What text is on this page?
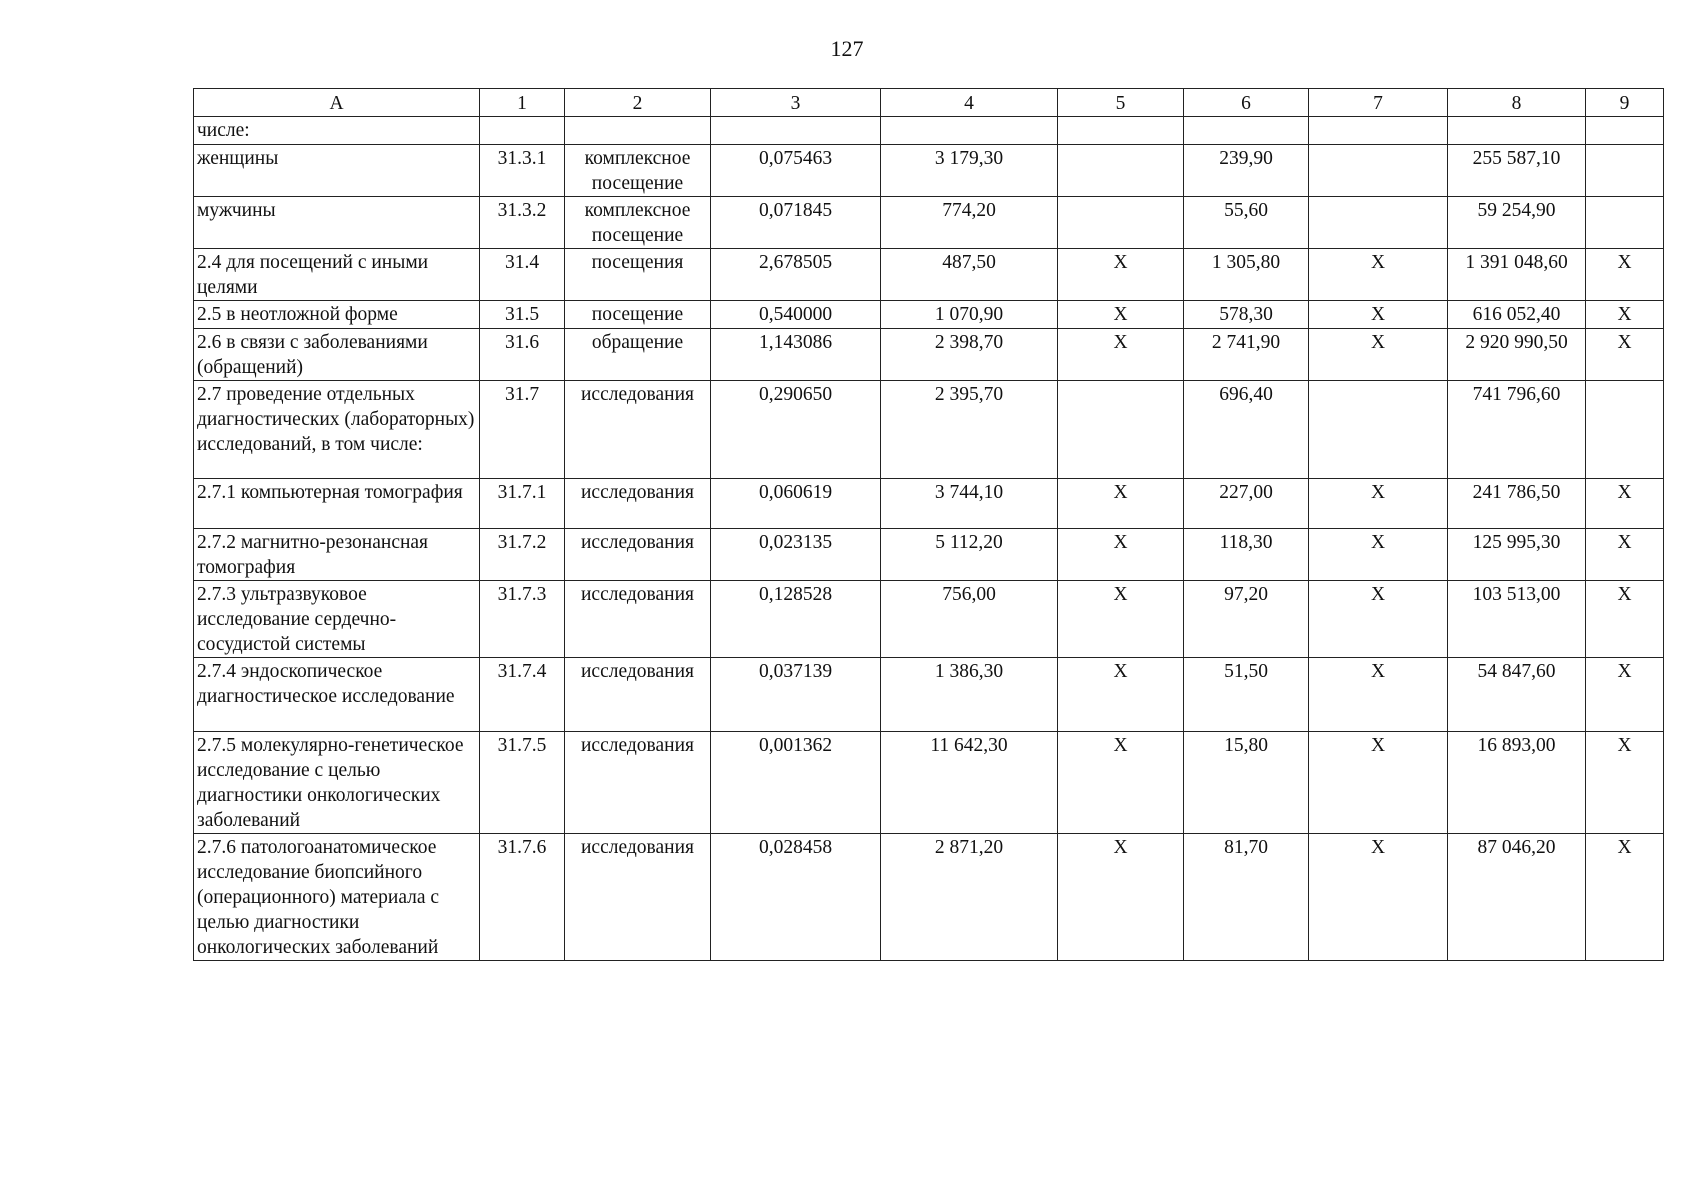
127
А	1	2	3	4	5	6	7	8	9
числе:									
женщины	31.3.1	комплексное посещение	0,075463	3 179,30		239,90		255 587,10	
мужчины	31.3.2	комплексное посещение	0,071845	774,20		55,60		59 254,90	
2.4 для посещений с иными целями	31.4	посещения	2,678505	487,50	Х	1 305,80	Х	1 391 048,60	Х
2.5 в неотложной форме	31.5	посещение	0,540000	1 070,90	Х	578,30	Х	616 052,40	Х
2.6 в связи с заболеваниями (обращений)	31.6	обращение	1,143086	2 398,70	Х	2 741,90	Х	2 920 990,50	Х
2.7 проведение отдельных диагностических (лабораторных) исследований, в том числе:	31.7	исследования	0,290650	2 395,70		696,40		741 796,60	
2.7.1 компьютерная томография	31.7.1	исследования	0,060619	3 744,10	Х	227,00	Х	241 786,50	Х
2.7.2 магнитно-резонансная томография	31.7.2	исследования	0,023135	5 112,20	Х	118,30	Х	125 995,30	Х
2.7.3 ультразвуковое исследование сердечно-сосудистой системы	31.7.3	исследования	0,128528	756,00	Х	97,20	Х	103 513,00	Х
2.7.4 эндоскопическое диагностическое исследование	31.7.4	исследования	0,037139	1 386,30	Х	51,50	Х	54 847,60	Х
2.7.5 молекулярно-генетическое исследование с целью диагностики онкологических заболеваний	31.7.5	исследования	0,001362	11 642,30	Х	15,80	Х	16 893,00	Х
2.7.6 патологоанатомическое исследование биопсийного (операционного) материала с целью диагностики онкологических заболеваний	31.7.6	исследования	0,028458	2 871,20	Х	81,70	Х	87 046,20	Х
